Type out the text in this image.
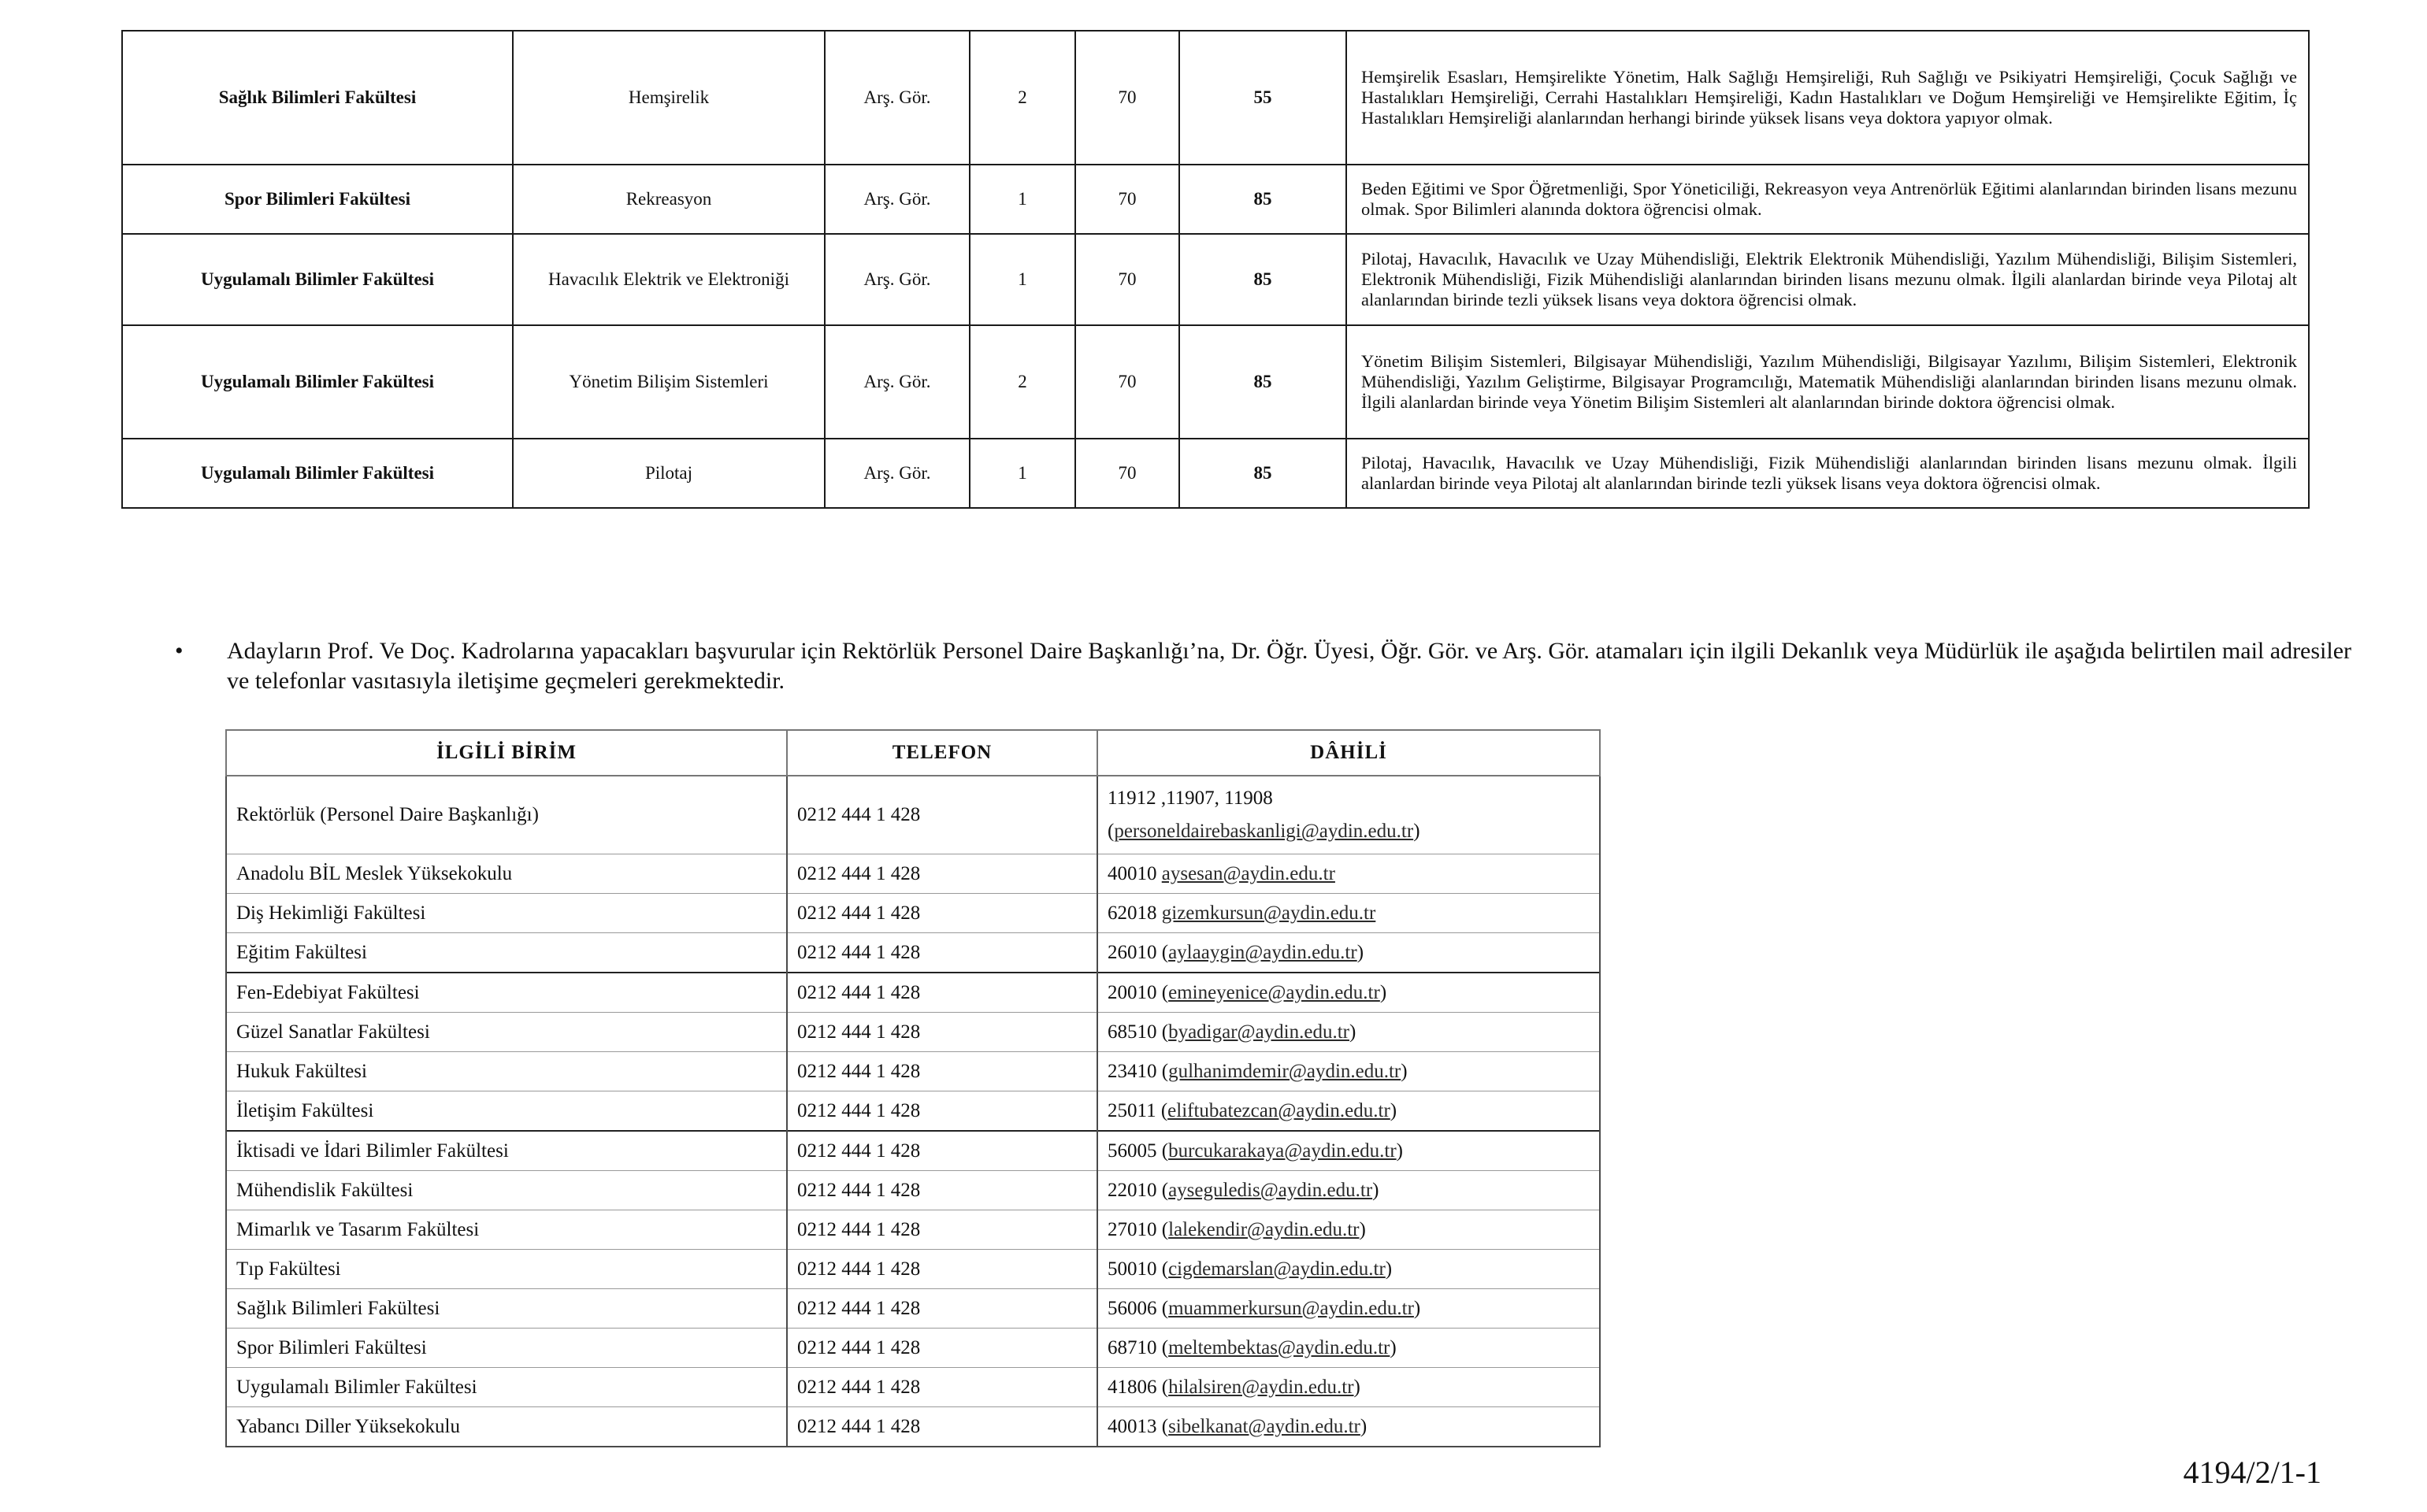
Sağlık Bilimleri Fakültesi	Hemşirelik	Arş. Gör.	2	70	55	Hemşirelik Esasları, Hemşirelikte Yönetim, Halk Sağlığı Hemşireliği, Ruh Sağlığı ve Psikiyatri Hemşireliği, Çocuk Sağlığı ve Hastalıkları Hemşireliği, Cerrahi Hastalıkları Hemşireliği, Kadın Hastalıkları ve Doğum Hemşireliği ve Hemşirelikte Eğitim, İç Hastalıkları Hemşireliği alanlarından herhangi birinde yüksek lisans veya doktora yapıyor olmak.
Spor Bilimleri Fakültesi	Rekreasyon	Arş. Gör.	1	70	85	Beden Eğitimi ve Spor Öğretmenliği, Spor Yöneticiliği, Rekreasyon veya Antrenörlük Eğitimi alanlarından birinden lisans mezunu olmak. Spor Bilimleri alanında doktora öğrencisi olmak.
Uygulamalı Bilimler Fakültesi	Havacılık Elektrik ve Elektroniği	Arş. Gör.	1	70	85	Pilotaj, Havacılık, Havacılık ve Uzay Mühendisliği, Elektrik Elektronik Mühendisliği, Yazılım Mühendisliği, Bilişim Sistemleri, Elektronik Mühendisliği, Fizik Mühendisliği alanlarından birinden lisans mezunu olmak. İlgili alanlardan birinde veya Pilotaj alt alanlarından birinde tezli yüksek lisans veya doktora öğrencisi olmak.
Uygulamalı Bilimler Fakültesi	Yönetim Bilişim Sistemleri	Arş. Gör.	2	70	85	Yönetim Bilişim Sistemleri, Bilgisayar Mühendisliği, Yazılım Mühendisliği, Bilgisayar Yazılımı, Bilişim Sistemleri, Elektronik Mühendisliği, Yazılım Geliştirme, Bilgisayar Programcılığı, Matematik Mühendisliği alanlarından birinden lisans mezunu olmak. İlgili alanlardan birinde veya Yönetim Bilişim Sistemleri alt alanlarından birinde doktora öğrencisi olmak.
Uygulamalı Bilimler Fakültesi	Pilotaj	Arş. Gör.	1	70	85	Pilotaj, Havacılık, Havacılık ve Uzay Mühendisliği, Fizik Mühendisliği alanlarından birinden lisans mezunu olmak. İlgili alanlardan birinde veya Pilotaj alt alanlarından birinde tezli yüksek lisans veya doktora öğrencisi olmak.
• Adayların Prof. Ve Doç. Kadrolarına yapacakları başvurular için Rektörlük Personel Daire Başkanlığı’na, Dr. Öğr. Üyesi, Öğr. Gör. ve Arş. Gör. atamaları için ilgili Dekanlık veya Müdürlük ile aşağıda belirtilen mail adresiler ve telefonlar vasıtasıyla iletişime geçmeleri gerekmektedir.
İLGİLİ BİRİM	TELEFON	DÂHİLİ
Rektörlük (Personel Daire Başkanlığı)	0212 444 1 428	11912 ,11907, 11908
(personeldairebaskanligi@aydin.edu.tr)

Anadolu BİL Meslek Yüksekokulu	0212 444 1 428	40010 aysesan@aydin.edu.tr
Diş Hekimliği Fakültesi	0212 444 1 428	62018 gizemkursun@aydin.edu.tr
Eğitim Fakültesi	0212 444 1 428	26010 (aylaaygin@aydin.edu.tr)
Fen-Edebiyat Fakültesi	0212 444 1 428	20010 (emineyenice@aydin.edu.tr)
Güzel Sanatlar Fakültesi	0212 444 1 428	68510 (byadigar@aydin.edu.tr)
Hukuk Fakültesi	0212 444 1 428	23410 (gulhanimdemir@aydin.edu.tr)
İletişim Fakültesi	0212 444 1 428	25011 (eliftubatezcan@aydin.edu.tr)
İktisadi ve İdari Bilimler Fakültesi	0212 444 1 428	56005 (burcukarakaya@aydin.edu.tr)
Mühendislik Fakültesi	0212 444 1 428	22010 (ayseguledis@aydin.edu.tr)
Mimarlık ve Tasarım Fakültesi	0212 444 1 428	27010 (lalekendir@aydin.edu.tr)
Tıp Fakültesi	0212 444 1 428	50010 (cigdemarslan@aydin.edu.tr)
Sağlık Bilimleri Fakültesi	0212 444 1 428	56006 (muammerkursun@aydin.edu.tr)
Spor Bilimleri Fakültesi	0212 444 1 428	68710 (meltembektas@aydin.edu.tr)
Uygulamalı Bilimler Fakültesi	0212 444 1 428	41806 (hilalsiren@aydin.edu.tr)
Yabancı Diller Yüksekokulu	0212 444 1 428	40013 (sibelkanat@aydin.edu.tr)
4194/2/1-1
